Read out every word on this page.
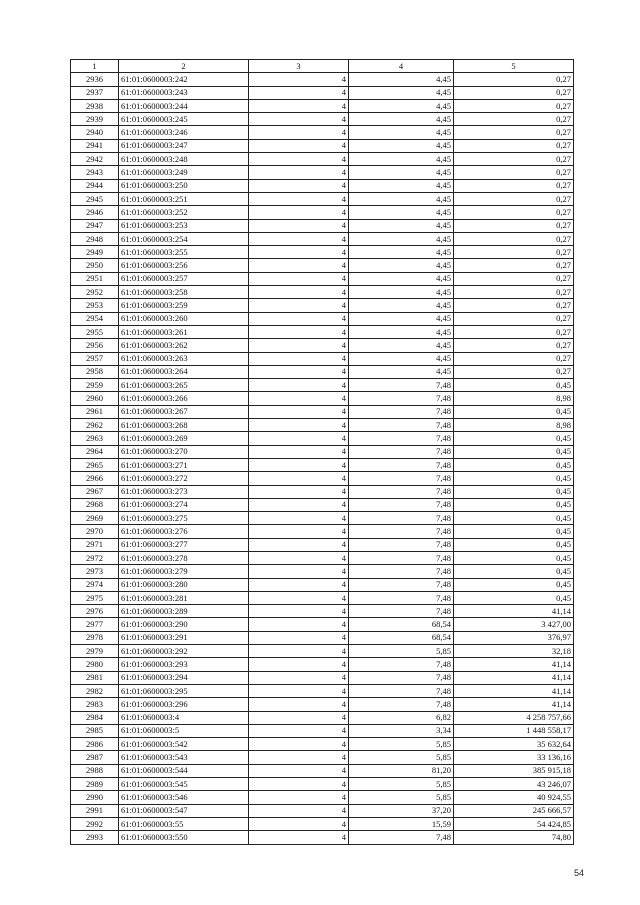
1	2	3	4	5
2936	61:01:0600003:242	4	4,45	0,27
2937	61:01:0600003:243	4	4,45	0,27
2938	61:01:0600003:244	4	4,45	0,27
2939	61:01:0600003:245	4	4,45	0,27
2940	61:01:0600003:246	4	4,45	0,27
2941	61:01:0600003:247	4	4,45	0,27
2942	61:01:0600003:248	4	4,45	0,27
2943	61:01:0600003:249	4	4,45	0,27
2944	61:01:0600003:250	4	4,45	0,27
2945	61:01:0600003:251	4	4,45	0,27
2946	61:01:0600003:252	4	4,45	0,27
2947	61:01:0600003:253	4	4,45	0,27
2948	61:01:0600003:254	4	4,45	0,27
2949	61:01:0600003:255	4	4,45	0,27
2950	61:01:0600003:256	4	4,45	0,27
2951	61:01:0600003:257	4	4,45	0,27
2952	61:01:0600003:258	4	4,45	0,27
2953	61:01:0600003:259	4	4,45	0,27
2954	61:01:0600003:260	4	4,45	0,27
2955	61:01:0600003:261	4	4,45	0,27
2956	61:01:0600003:262	4	4,45	0,27
2957	61:01:0600003:263	4	4,45	0,27
2958	61:01:0600003:264	4	4,45	0,27
2959	61:01:0600003:265	4	7,48	0,45
2960	61:01:0600003:266	4	7,48	8,98
2961	61:01:0600003:267	4	7,48	0,45
2962	61:01:0600003:268	4	7,48	8,98
2963	61:01:0600003:269	4	7,48	0,45
2964	61:01:0600003:270	4	7,48	0,45
2965	61:01:0600003:271	4	7,48	0,45
2966	61:01:0600003:272	4	7,48	0,45
2967	61:01:0600003:273	4	7,48	0,45
2968	61:01:0600003:274	4	7,48	0,45
2969	61:01:0600003:275	4	7,48	0,45
2970	61:01:0600003:276	4	7,48	0,45
2971	61:01:0600003:277	4	7,48	0,45
2972	61:01:0600003:278	4	7,48	0,45
2973	61:01:0600003:279	4	7,48	0,45
2974	61:01:0600003:280	4	7,48	0,45
2975	61:01:0600003:281	4	7,48	0,45
2976	61:01:0600003:289	4	7,48	41,14
2977	61:01:0600003:290	4	68,54	3 427,00
2978	61:01:0600003:291	4	68,54	376,97
2979	61:01:0600003:292	4	5,85	32,18
2980	61:01:0600003:293	4	7,48	41,14
2981	61:01:0600003:294	4	7,48	41,14
2982	61:01:0600003:295	4	7,48	41,14
2983	61:01:0600003:296	4	7,48	41,14
2984	61:01:0600003:4	4	6,82	4 258 757,66
2985	61:01:0600003:5	4	3,34	1 448 558,17
2986	61:01:0600003:542	4	5,85	35 632,64
2987	61:01:0600003:543	4	5,85	33 136,16
2988	61:01:0600003:544	4	81,20	385 915,18
2989	61:01:0600003:545	4	5,85	43 246,07
2990	61:01:0600003:546	4	5,85	40 924,55
2991	61:01:0600003:547	4	37,20	245 666,57
2992	61:01:0600003:55	4	15,59	54 424,85
2993	61:01:0600003:550	4	7,48	74,80
54
